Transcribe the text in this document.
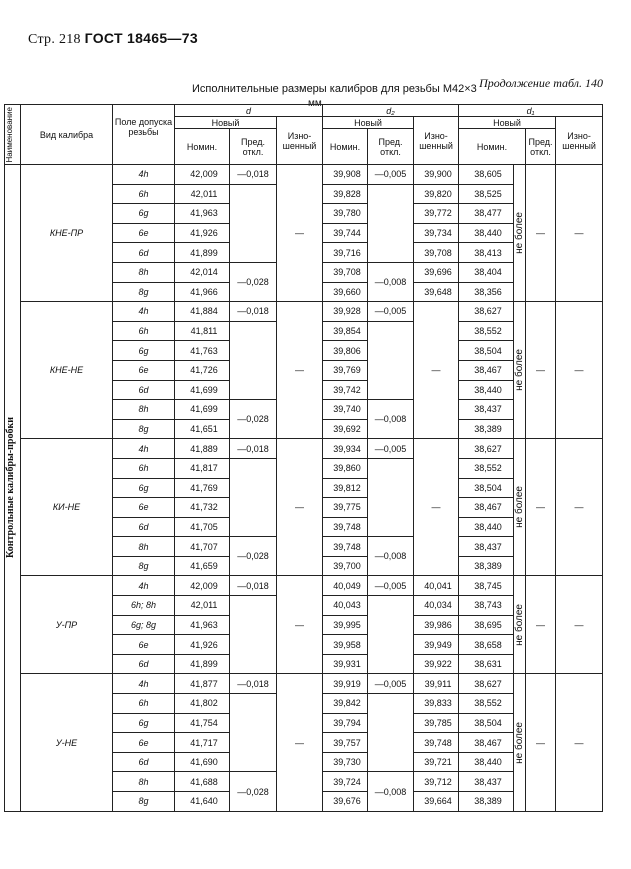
Стр. 218 ГОСТ 18465—73
Продолжение табл. 140
Исполнительные размеры калибров для резьбы М42×3
мм
Наименование	Вид калибра	Поле допуска резьбы	d			d₂			d₁			
			Новый		Изно-шенный	Новый		Изно-шенный	Новый			Изно-шенный
			Номин.	Пред. откл.		Номин.	Пред. откл.		Номин.		Пред. откл.	

Контрольные калибры-пробки	КНЕ-ПР	4h	42,009	—0,018	—	39,908	—0,005	39,900	38,605	не более	—	—
		6h	42,011			39,828		39,820	38,525			
		6g	41,963			39,780		39,772	38,477			
		6e	41,926			39,744		39,734	38,440			
		6d	41,899			39,716		39,708	38,413			
		8h	42,014	—0,028		39,708	—0,008	39,696	38,404			
		8g	41,966			39,660		39,648	38,356			
	КНЕ-НЕ	4h	41,884	—0,018	—	39,928	—0,005	—	38,627	не более	—	—
		6h	41,811			39,854			38,552			
		6g	41,763			39,806			38,504			
		6e	41,726			39,769			38,467			
		6d	41,699			39,742			38,440			
		8h	41,699	—0,028		39,740	—0,008		38,437			
		8g	41,651			39,692			38,389			
	КИ-НЕ	4h	41,889	—0,018	—	39,934	—0,005	—	38,627	не более	—	—
		6h	41,817			39,860			38,552			
		6g	41,769			39,812			38,504			
		6e	41,732			39,775			38,467			
		6d	41,705			39,748			38,440			
		8h	41,707	—0,028		39,748	—0,008		38,437			
		8g	41,659			39,700			38,389			
	У-ПР	4h	42,009	—0,018	—	40,049	—0,005	40,041	38,745	не более	—	—
		6h; 8h	42,011			40,043		40,034	38,743			
		6g; 8g	41,963			39,995		39,986	38,695			
		6e	41,926			39,958		39,949	38,658			
		6d	41,899			39,931		39,922	38,631			
	У-НЕ	4h	41,877	—0,018	—	39,919	—0,005	39,911	38,627	не более	—	—
		6h	41,802			39,842		39,833	38,552			
		6g	41,754			39,794		39,785	38,504			
		6e	41,717			39,757		39,748	38,467			
		6d	41,690			39,730		39,721	38,440			
		8h	41,688	—0,028		39,724	—0,008	39,712	38,437			
		8g	41,640			39,676		39,664	38,389			
